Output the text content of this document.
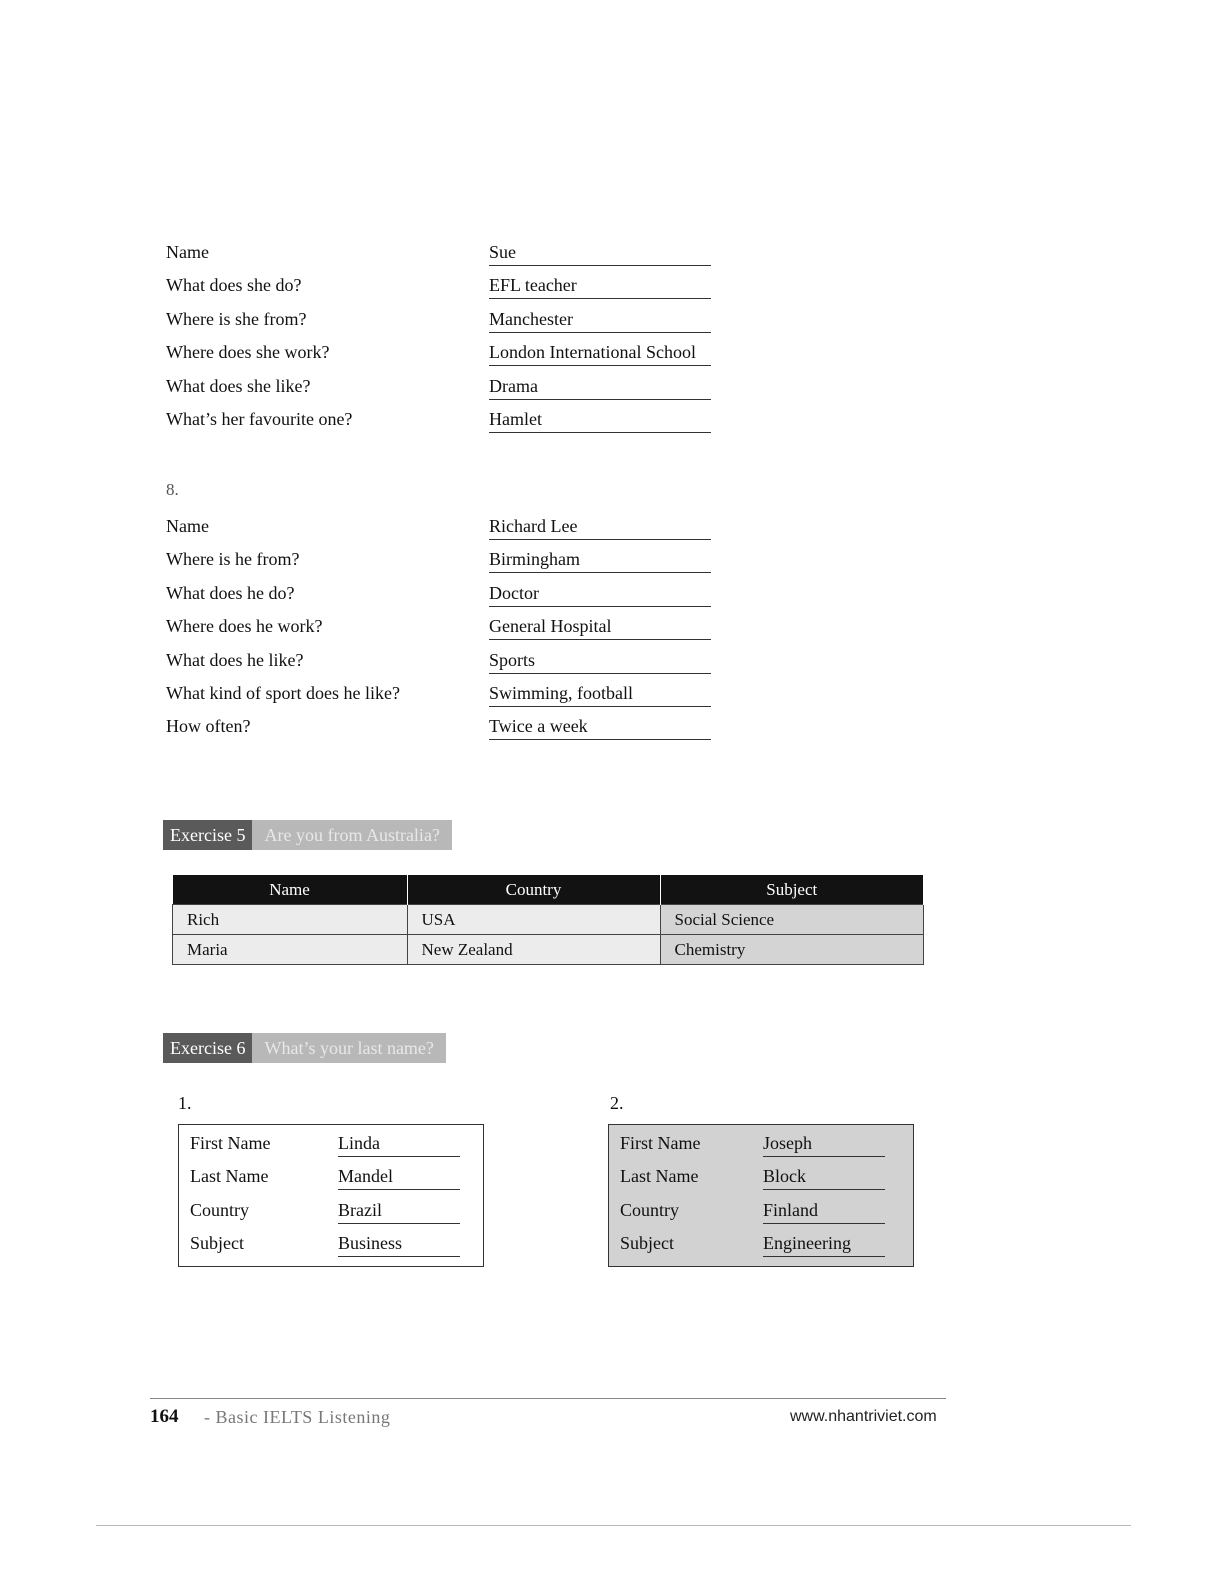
Name	Sue
What does she do?	EFL teacher
Where is she from?	Manchester
Where does she work?	London International School
What does she like?	Drama
What’s her favourite one?	Hamlet
8.
Name	Richard Lee
Where is he from?	Birmingham
What does he do?	Doctor
Where does he work?	General Hospital
What does he like?	Sports
What kind of sport does he like?	Swimming, football
How often?	Twice a week
Exercise 5	Are you from Australia?
Name	Country	Subject
Rich	USA	Social Science
Maria	New Zealand	Chemistry
Exercise 6	What’s your last name?
1.
First Name	Linda
Last Name	Mandel
Country	Brazil
Subject	Business
2.
First Name	Joseph
Last Name	Block
Country	Finland
Subject	Engineering
164 - Basic IELTS Listening	www.nhantriviet.com
